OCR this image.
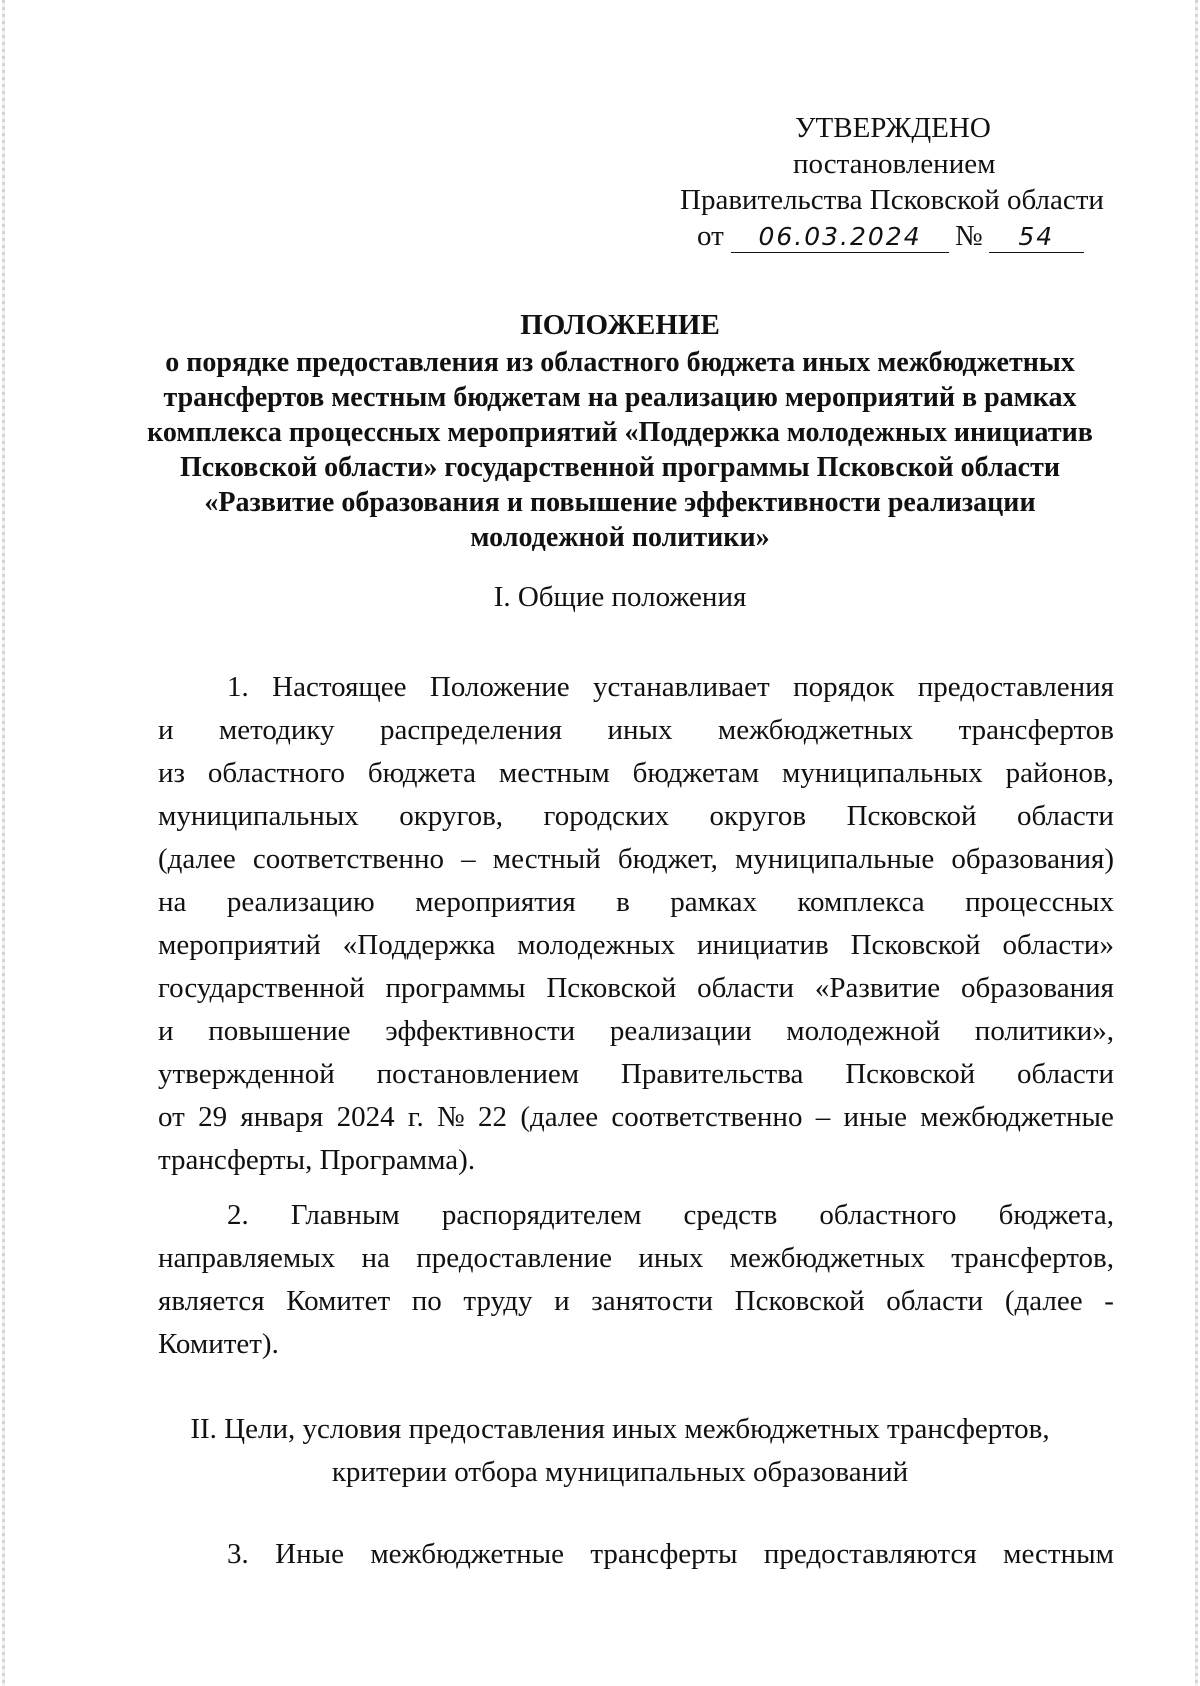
УТВЕРЖДЕНО
постановлением
Правительства Псковской области
от 06.03.2024 № 54
ПОЛОЖЕНИЕ
о порядке предоставления из областного бюджета иных межбюджетных
трансфертов местным бюджетам на реализацию мероприятий в рамках
комплекса процессных мероприятий «Поддержка молодежных инициатив
Псковской области» государственной программы Псковской области
«Развитие образования и повышение эффективности реализации
молодежной политики»
I. Общие положения
1. Настоящее Положение устанавливает порядок предоставления
и методику распределения иных межбюджетных трансфертов
из областного бюджета местным бюджетам муниципальных районов,
муниципальных округов, городских округов Псковской области
(далее соответственно – местный бюджет, муниципальные образования)
на реализацию мероприятия в рамках комплекса процессных
мероприятий «Поддержка молодежных инициатив Псковской области»
государственной программы Псковской области «Развитие образования
и повышение эффективности реализации молодежной политики»,
утвержденной постановлением Правительства Псковской области
от 29 января 2024 г. № 22 (далее соответственно – иные межбюджетные
трансферты, Программа).
2. Главным распорядителем средств областного бюджета,
направляемых на предоставление иных межбюджетных трансфертов,
является Комитет по труду и занятости Псковской области (далее -
Комитет).
II. Цели, условия предоставления иных межбюджетных трансфертов,
критерии отбора муниципальных образований
3. Иные межбюджетные трансферты предоставляются местным
